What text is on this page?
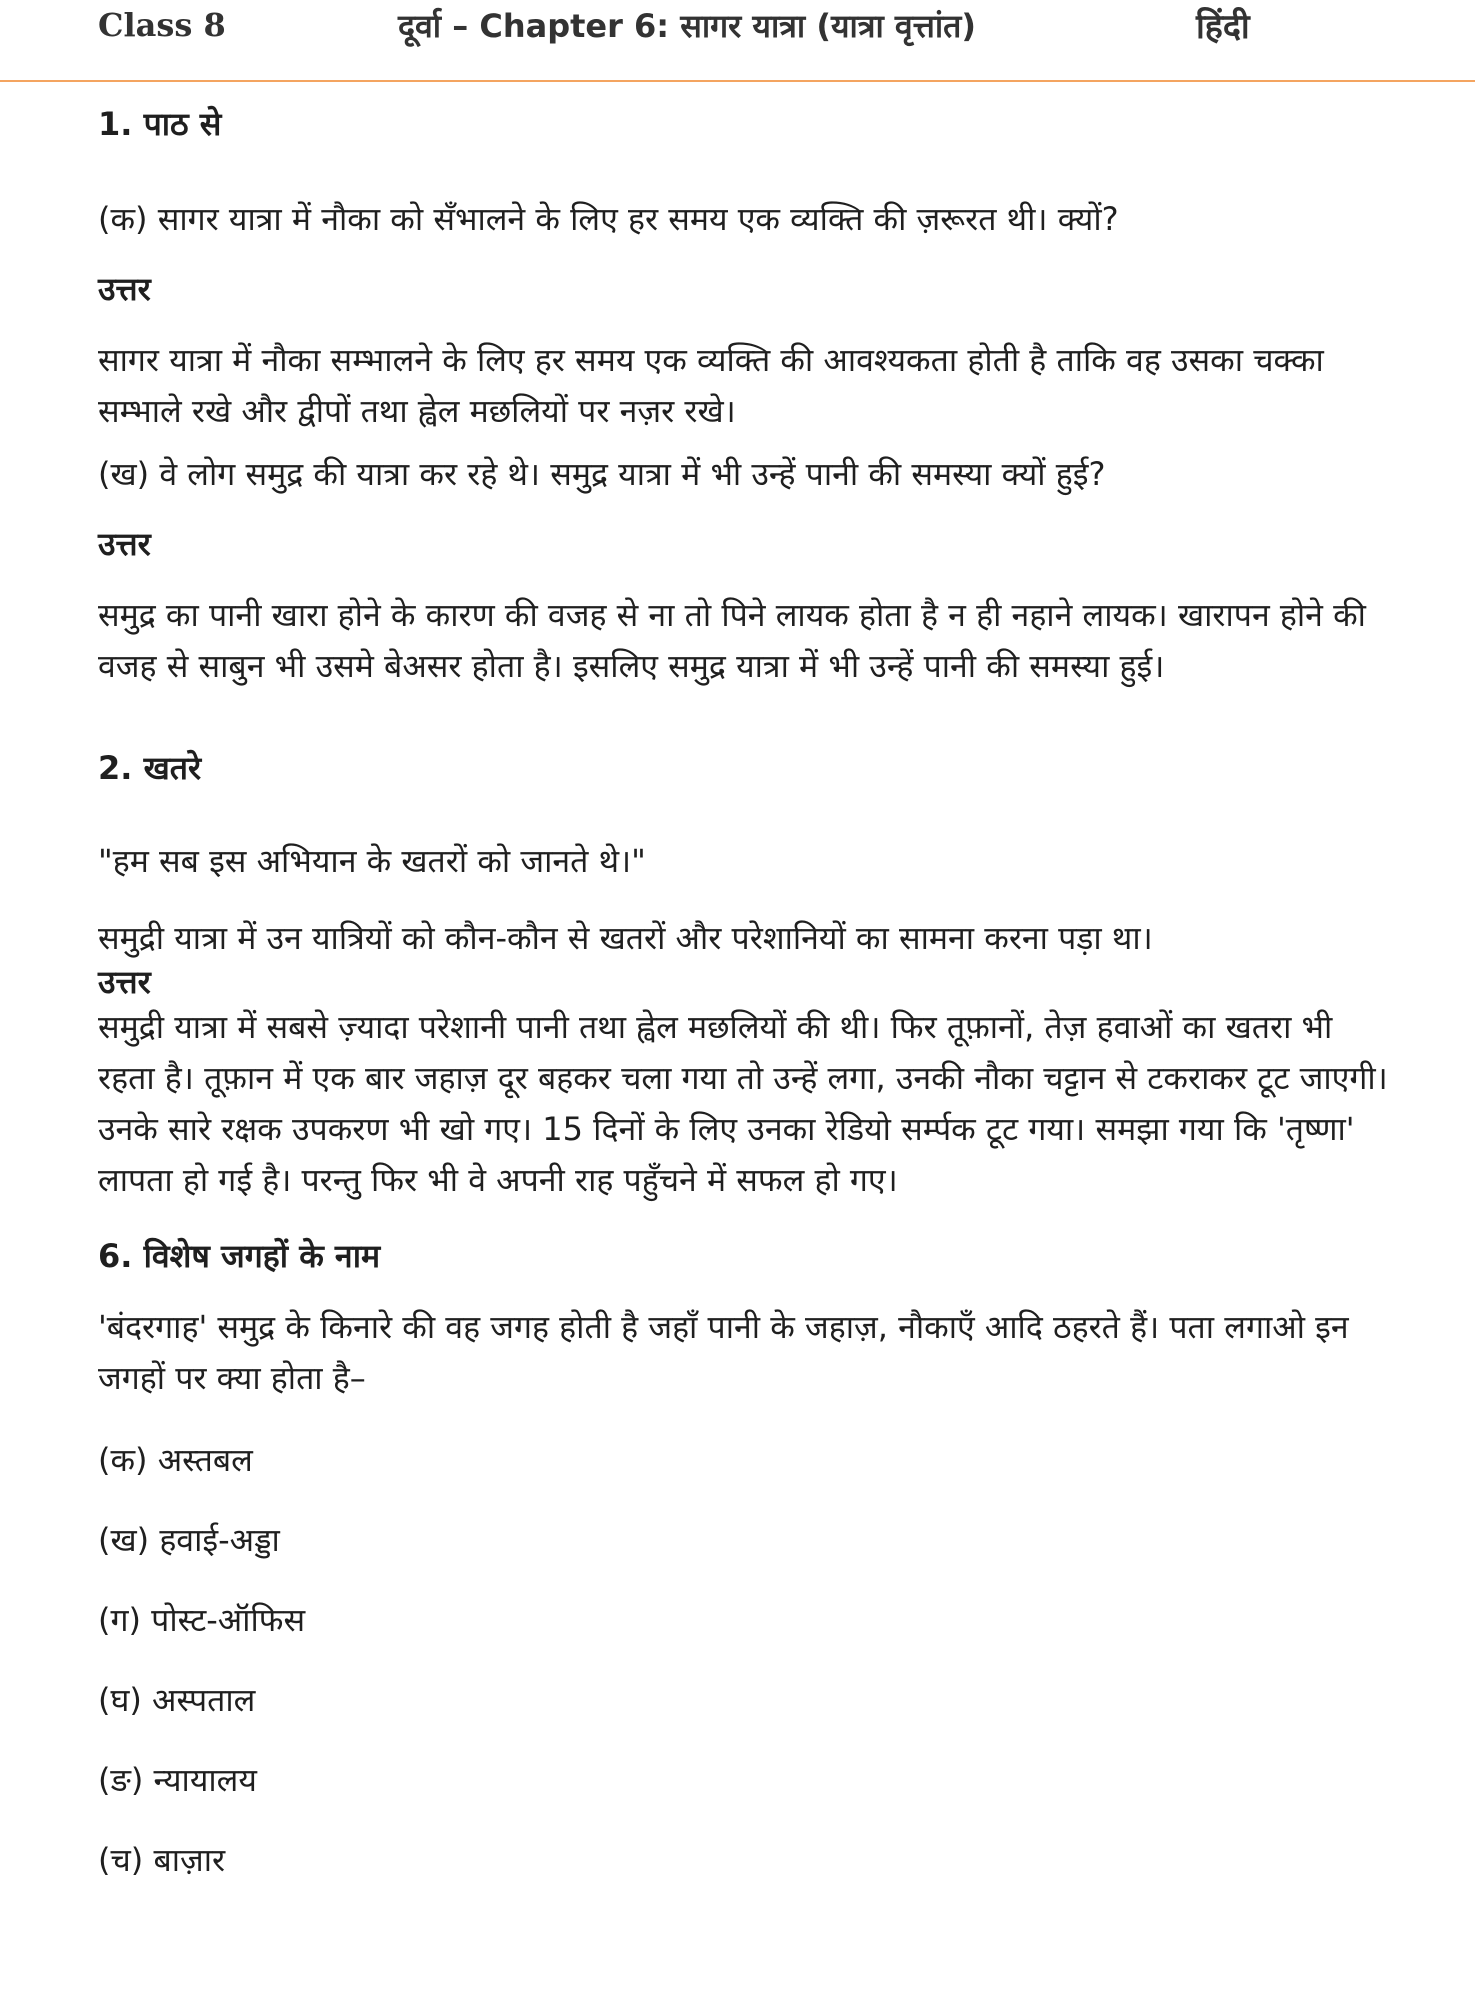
Class 8	दूर्वा – Chapter 6: सागर यात्रा (यात्रा वृत्तांत)	हिंदी

1. पाठ से

(क) सागर यात्रा में नौका को सँभालने के लिए हर समय एक व्यक्ति की ज़रूरत थी। क्यों?

उत्तर

सागर यात्रा में नौका सम्भालने के लिए हर समय एक व्यक्ति की आवश्यकता होती है ताकि वह उसका चक्का सम्भाले रखे और द्वीपों तथा ह्वेल मछलियों पर नज़र रखे।

(ख) वे लोग समुद्र की यात्रा कर रहे थे। समुद्र यात्रा में भी उन्हें पानी की समस्या क्यों हुई?

उत्तर

समुद्र का पानी खारा होने के कारण की वजह से ना तो पिने लायक होता है न ही नहाने लायक। खारापन होने की वजह से साबुन भी उसमे बेअसर होता है। इसलिए समुद्र यात्रा में भी उन्हें पानी की समस्या हुई।

2. खतरे

"हम सब इस अभियान के खतरों को जानते थे।"

समुद्री यात्रा में उन यात्रियों को कौन-कौन से खतरों और परेशानियों का सामना करना पड़ा था।

उत्तर

समुद्री यात्रा में सबसे ज़्यादा परेशानी पानी तथा ह्वेल मछलियों की थी। फिर तूफ़ानों, तेज़ हवाओं का खतरा भी रहता है। तूफ़ान में एक बार जहाज़ दूर बहकर चला गया तो उन्हें लगा, उनकी नौका चट्टान से टकराकर टूट जाएगी। उनके सारे रक्षक उपकरण भी खो गए। 15 दिनों के लिए उनका रेडियो सर्म्पक टूट गया। समझा गया कि 'तृष्णा' लापता हो गई है। परन्तु फिर भी वे अपनी राह पहुँचने में सफल हो गए।

6. विशेष जगहों के नाम

'बंदरगाह' समुद्र के किनारे की वह जगह होती है जहाँ पानी के जहाज़, नौकाएँ आदि ठहरते हैं। पता लगाओ इन जगहों पर क्या होता है–

(क) अस्तबल

(ख) हवाई-अड्डा

(ग) पोस्ट-ऑफिस

(घ) अस्पताल

(ङ) न्यायालय

(च) बाज़ार
